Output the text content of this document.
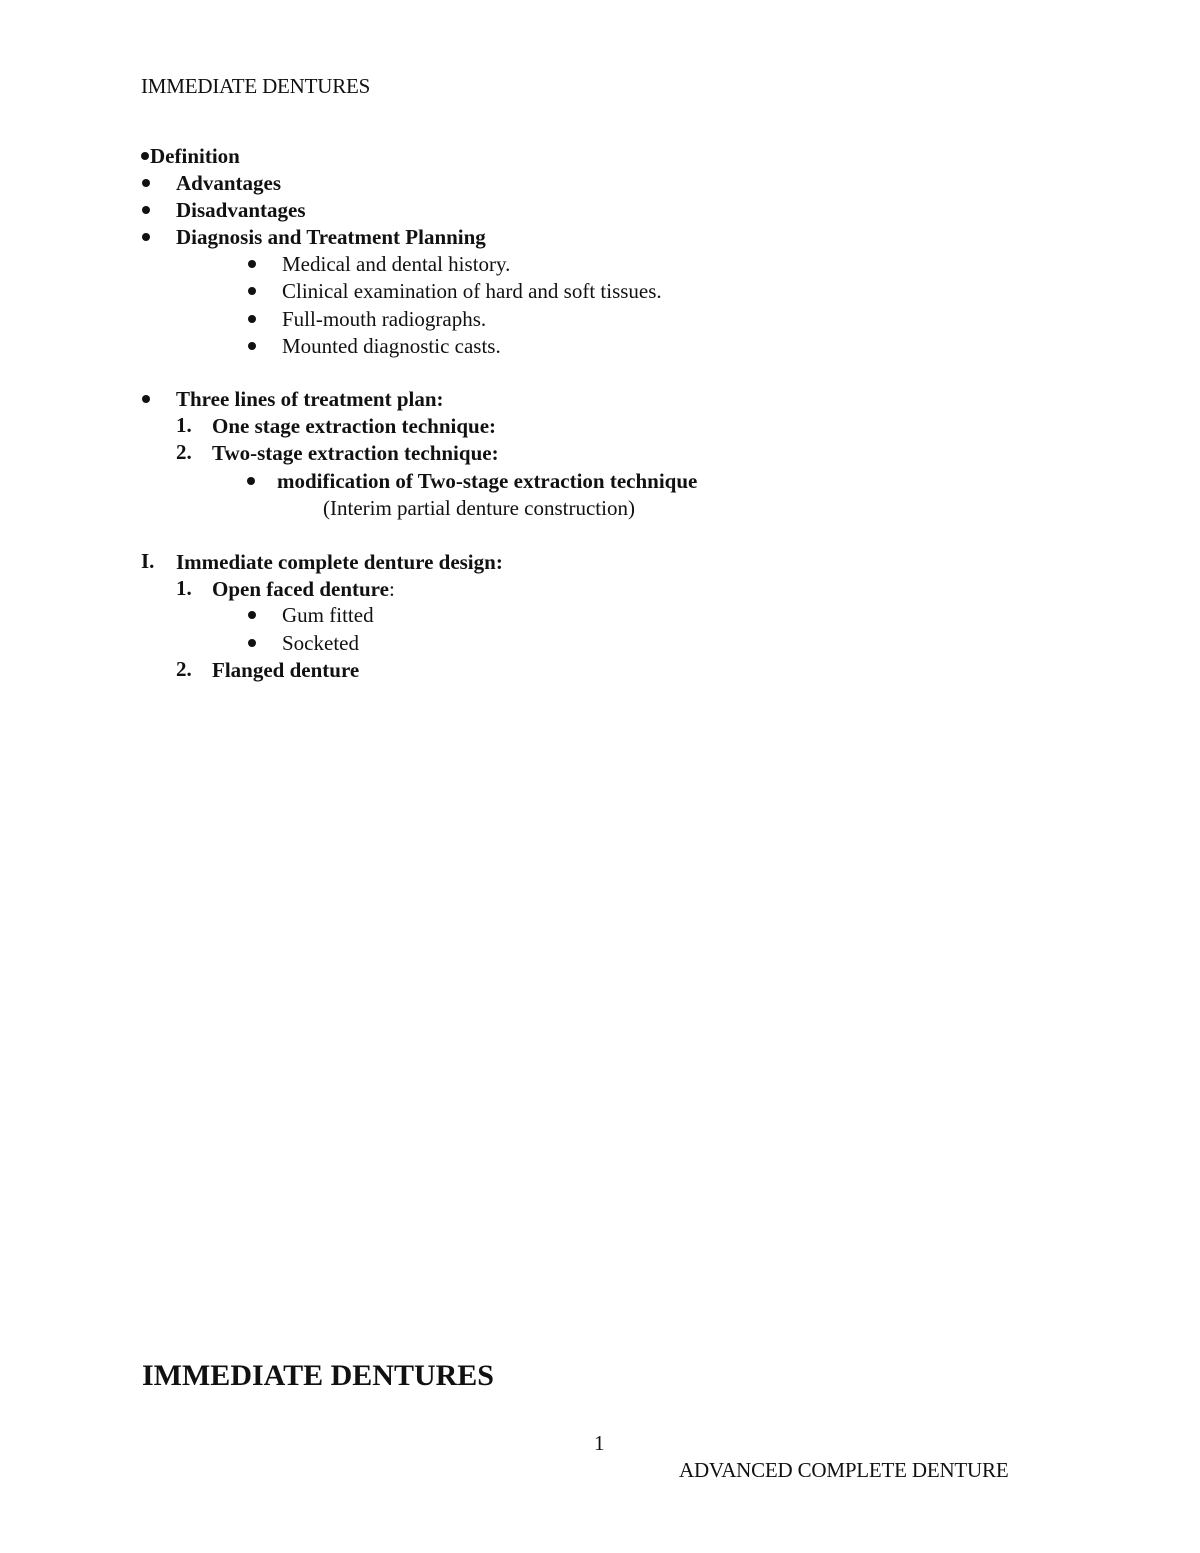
IMMEDIATE DENTURES
Definition
Advantages
Disadvantages
Diagnosis and Treatment Planning
Medical and dental history.
Clinical examination of hard and soft tissues.
Full-mouth radiographs.
Mounted diagnostic casts.
Three lines of treatment plan:
1. One stage extraction technique:
2. Two-stage extraction technique:
modification of Two-stage extraction technique
(Interim partial denture construction)
I. Immediate complete denture design:
1. Open faced denture:
Gum fitted
Socketed
2. Flanged denture
IMMEDIATE DENTURES
1
ADVANCED COMPLETE DENTURE
